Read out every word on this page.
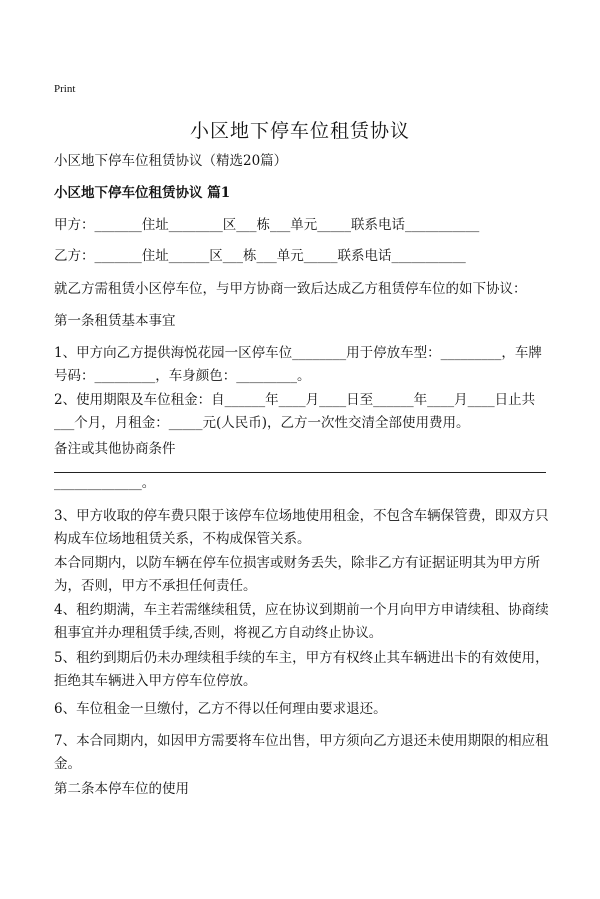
Print
小区地下停车位租赁协议
小区地下停车位租赁协议（精选20篇）
小区地下停车位租赁协议 篇1
甲方：_______住址________区___栋___单元_____联系电话___________
乙方：_______住址______区___栋___单元_____联系电话___________
就乙方需租赁小区停车位，与甲方协商一致后达成乙方租赁停车位的如下协议：
第一条租赁基本事宜
1、甲方向乙方提供海悦花园一区停车位________用于停放车型：_________，车牌号码：_________，车身颜色：_________。
2、使用期限及车位租金：自______年____月____日至______年____月____日止共___个月，月租金：_____元(人民币)，乙方一次性交清全部使用费用。
备注或其他协商条件
_____________。
3、甲方收取的停车费只限于该停车位场地使用租金，不包含车辆保管费，即双方只构成车位场地租赁关系，不构成保管关系。
本合同期内，以防车辆在停车位损害或财务丢失，除非乙方有证据证明其为甲方所为，否则，甲方不承担任何责任。
4、租约期满，车主若需继续租赁，应在协议到期前一个月向甲方申请续租、协商续租事宜并办理租赁手续,否则，将视乙方自动终止协议。
5、租约到期后仍未办理续租手续的车主，甲方有权终止其车辆进出卡的有效使用，拒绝其车辆进入甲方停车位停放。
6、车位租金一旦缴付，乙方不得以任何理由要求退还。
7、本合同期内，如因甲方需要将车位出售，甲方须向乙方退还未使用期限的相应租金。
第二条本停车位的使用
